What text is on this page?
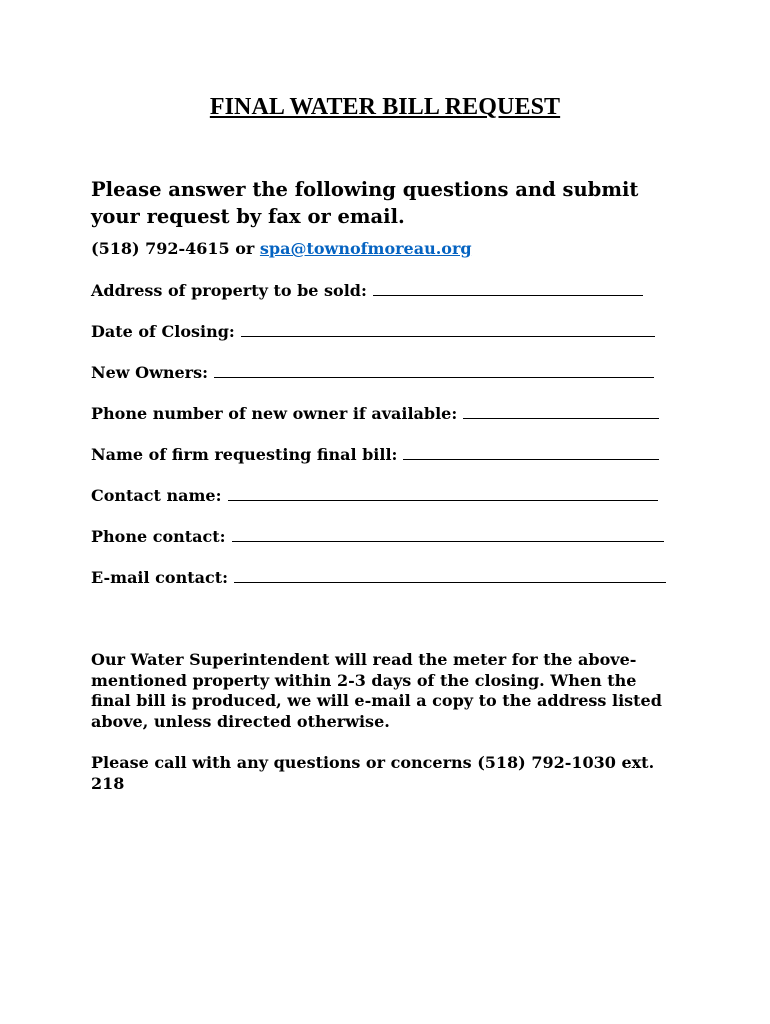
FINAL WATER BILL REQUEST
Please answer the following questions and submit your request by fax or email.
(518) 792-4615 or spa@townofmoreau.org
Address of property to be sold:
Date of Closing:
New Owners:
Phone number of new owner if available:
Name of firm requesting final bill:
Contact name:
Phone contact:
E-mail contact:
Our Water Superintendent will read the meter for the above-mentioned property within 2-3 days of the closing. When the final bill is produced, we will e-mail a copy to the address listed above, unless directed otherwise.
Please call with any questions or concerns (518) 792-1030 ext. 218
